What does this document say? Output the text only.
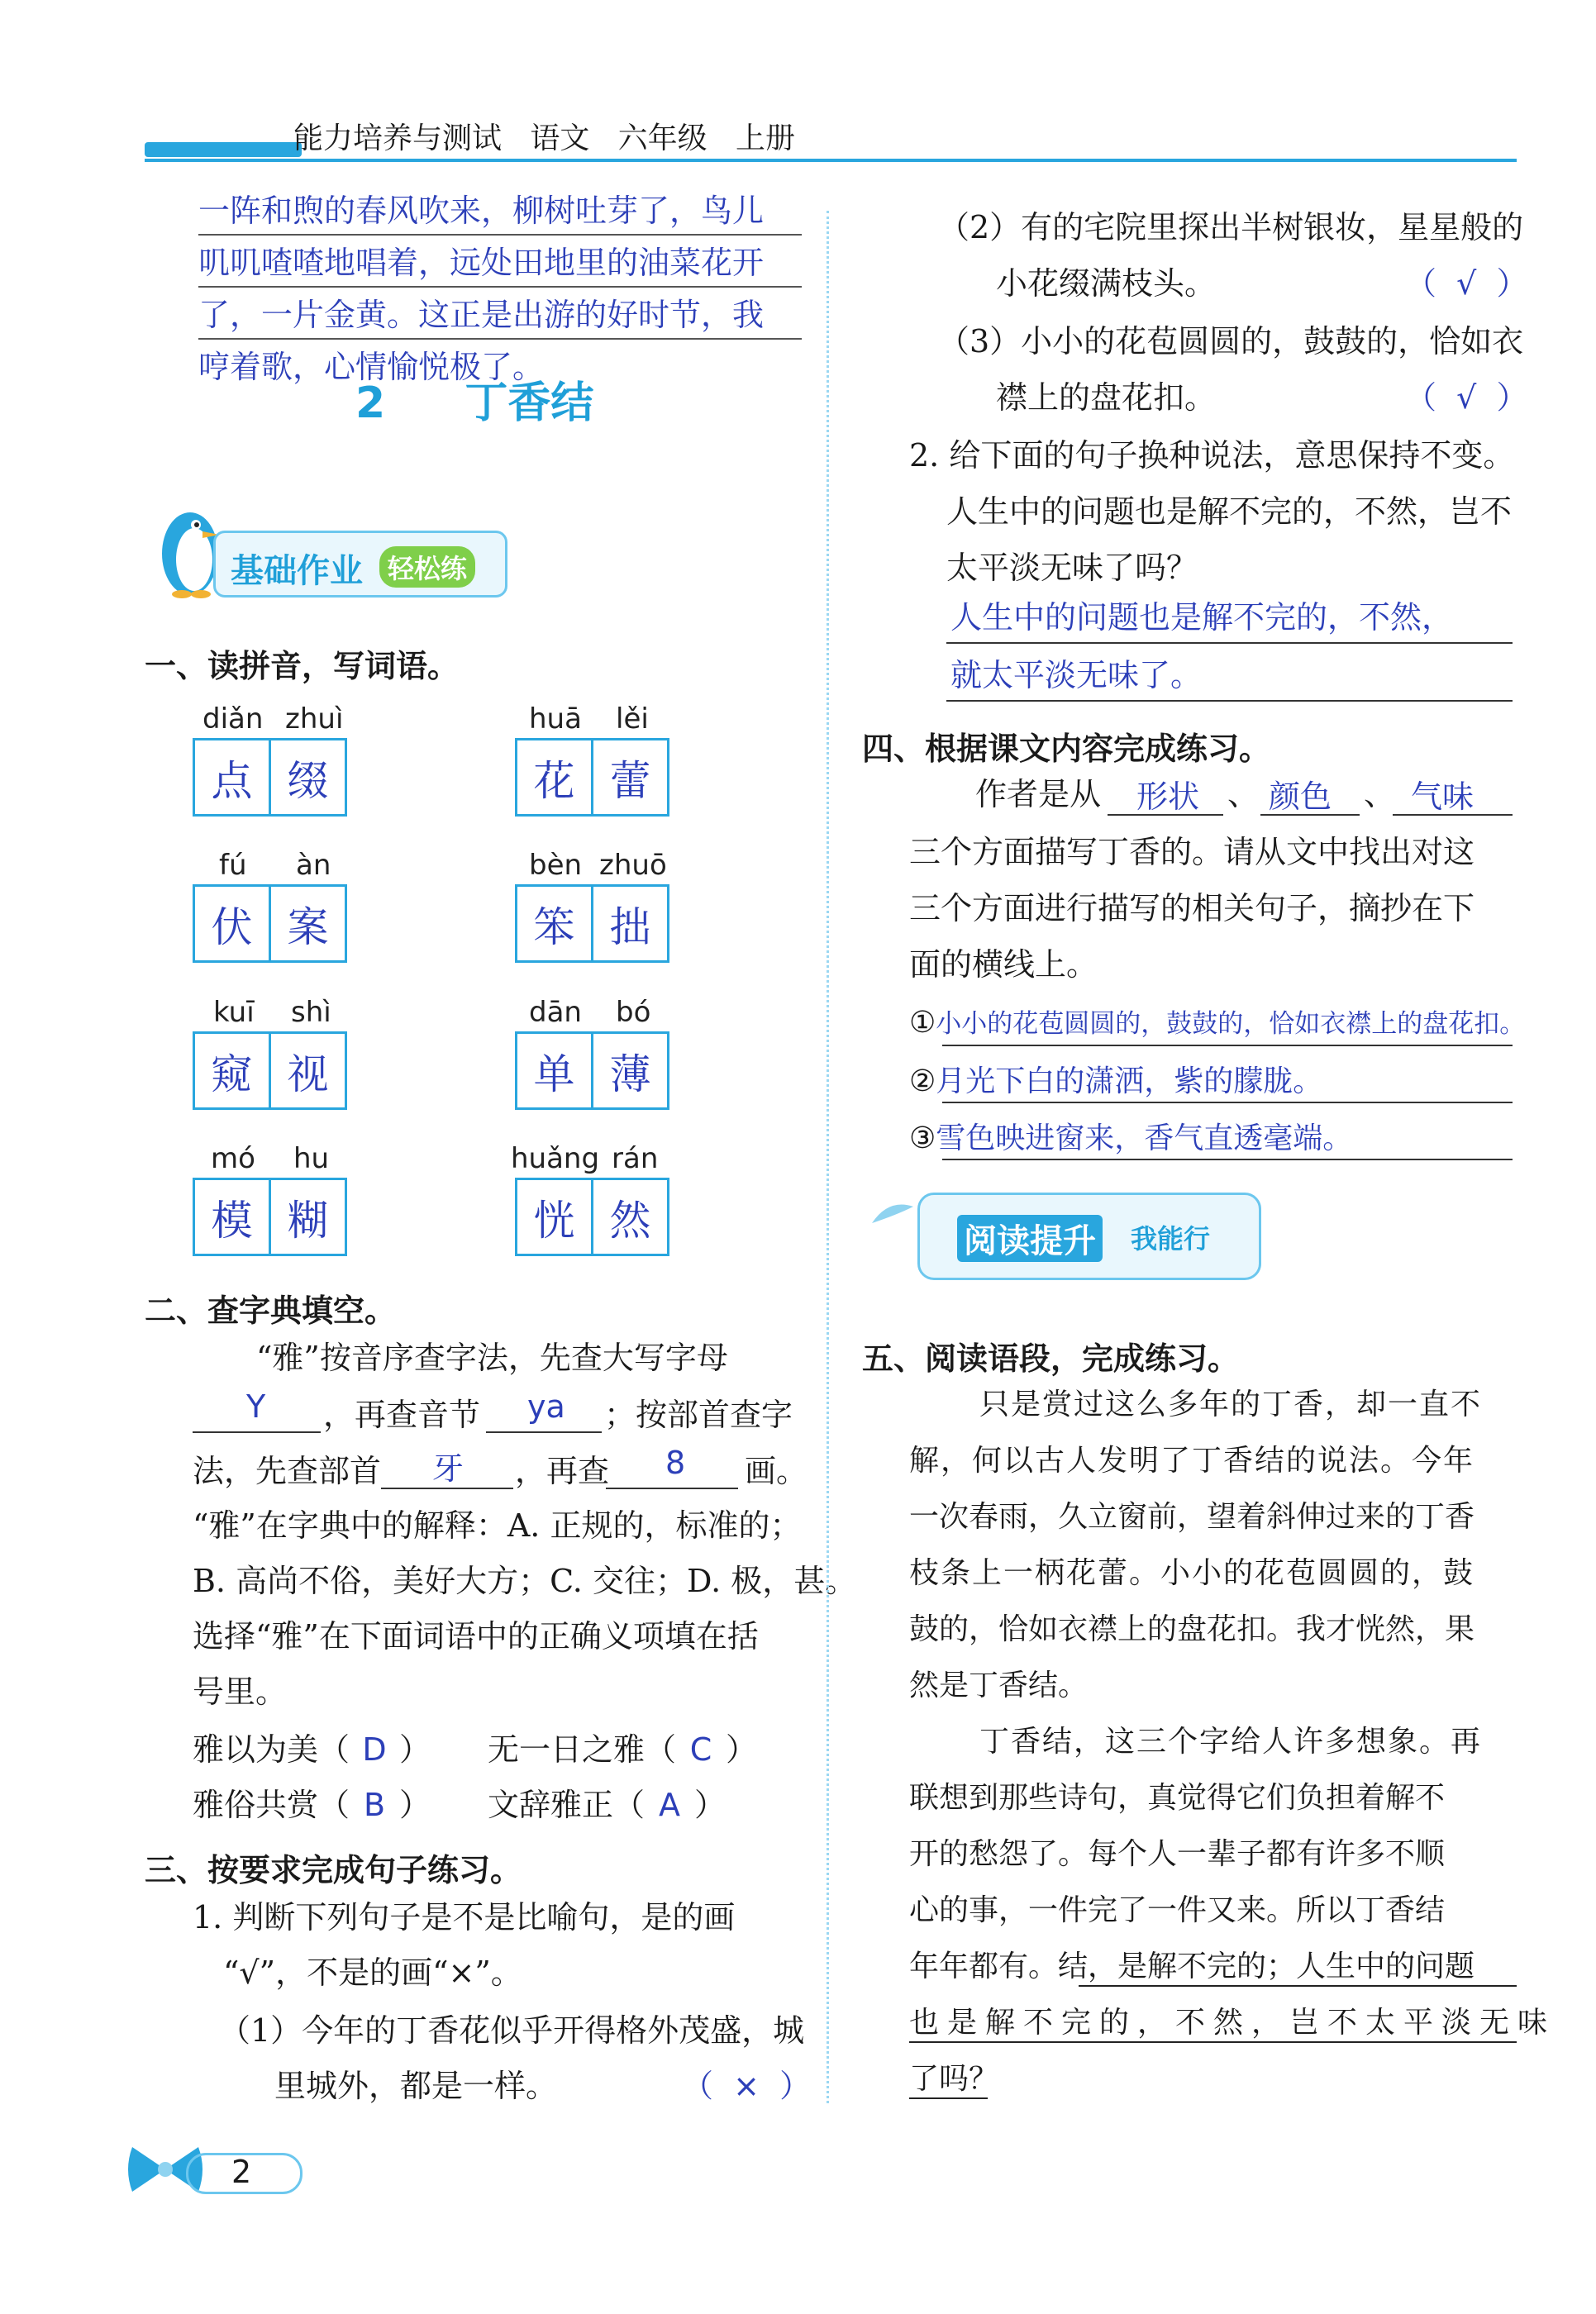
能力培养与测试   语文   六年级   上册
一阵和煦的春风吹来，柳树吐芽了，鸟儿
叽叽喳喳地唱着，远处田地里的油菜花开
了，一片金黄。这正是出游的好时节，我
哼着歌，心情愉悦极了。
2 丁香结
基础作业 轻松练
一、读拼音，写词语。
diǎn zhuì
点 缀
huā lěi
花 蕾
fú àn
伏 案
bèn zhuō
笨 拙
kuī shì
窥 视
dān bó
单 薄
mó hu
模 糊
huǎng rán
恍 然
二、查字典填空。
“雅”按音序查字法，先查大写字母
Y ，再查音节 ya ；按部首查字
法，先查部首 牙 ，再查 8 画。
“雅”在字典中的解释：A. 正规的，标准的；
B. 高尚不俗，美好大方；C. 交往；D. 极，甚。
选择“雅”在下面词语中的正确义项填在括
号里。
雅以为美（ D ） 无一日之雅（ C ）
雅俗共赏（ B ） 文辞雅正（ A ）
三、按要求完成句子练习。
1. 判断下列句子是不是比喻句，是的画
“√”，不是的画“×”。
（1）今年的丁香花似乎开得格外茂盛，城
里城外，都是一样。	（  ×  ）
（2）有的宅院里探出半树银妆，星星般的
小花缀满枝头。	（  √  ）
（3）小小的花苞圆圆的，鼓鼓的，恰如衣
襟上的盘花扣。	（  √  ）
2. 给下面的句子换种说法，意思保持不变。
人生中的问题也是解不完的，不然，岂不
太平淡无味了吗？
人生中的问题也是解不完的，不然，
就太平淡无味了。
四、根据课文内容完成练习。
作者是从 形状 、 颜色 、 气味
三个方面描写丁香的。请从文中找出对这
三个方面进行描写的相关句子，摘抄在下
面的横线上。
①小小的花苞圆圆的，鼓鼓的，恰如衣襟上的盘花扣。
②月光下白的潇洒，紫的朦胧。
③雪色映进窗来，香气直透毫端。
阅读提升 我能行
五、阅读语段，完成练习。
只是赏过这么多年的丁香，却一直不
解，何以古人发明了丁香结的说法。今年
一次春雨，久立窗前，望着斜伸过来的丁香
枝条上一柄花蕾。小小的花苞圆圆的，鼓
鼓的，恰如衣襟上的盘花扣。我才恍然，果
然是丁香结。
丁香结，这三个字给人许多想象。再
联想到那些诗句，真觉得它们负担着解不
开的愁怨了。每个人一辈子都有许多不顺
心的事，一件完了一件又来。所以丁香结
年年都有。结，是解不完的；人生中的问题
也是解不完的，不然，岂不太平淡无味
了吗？
2
